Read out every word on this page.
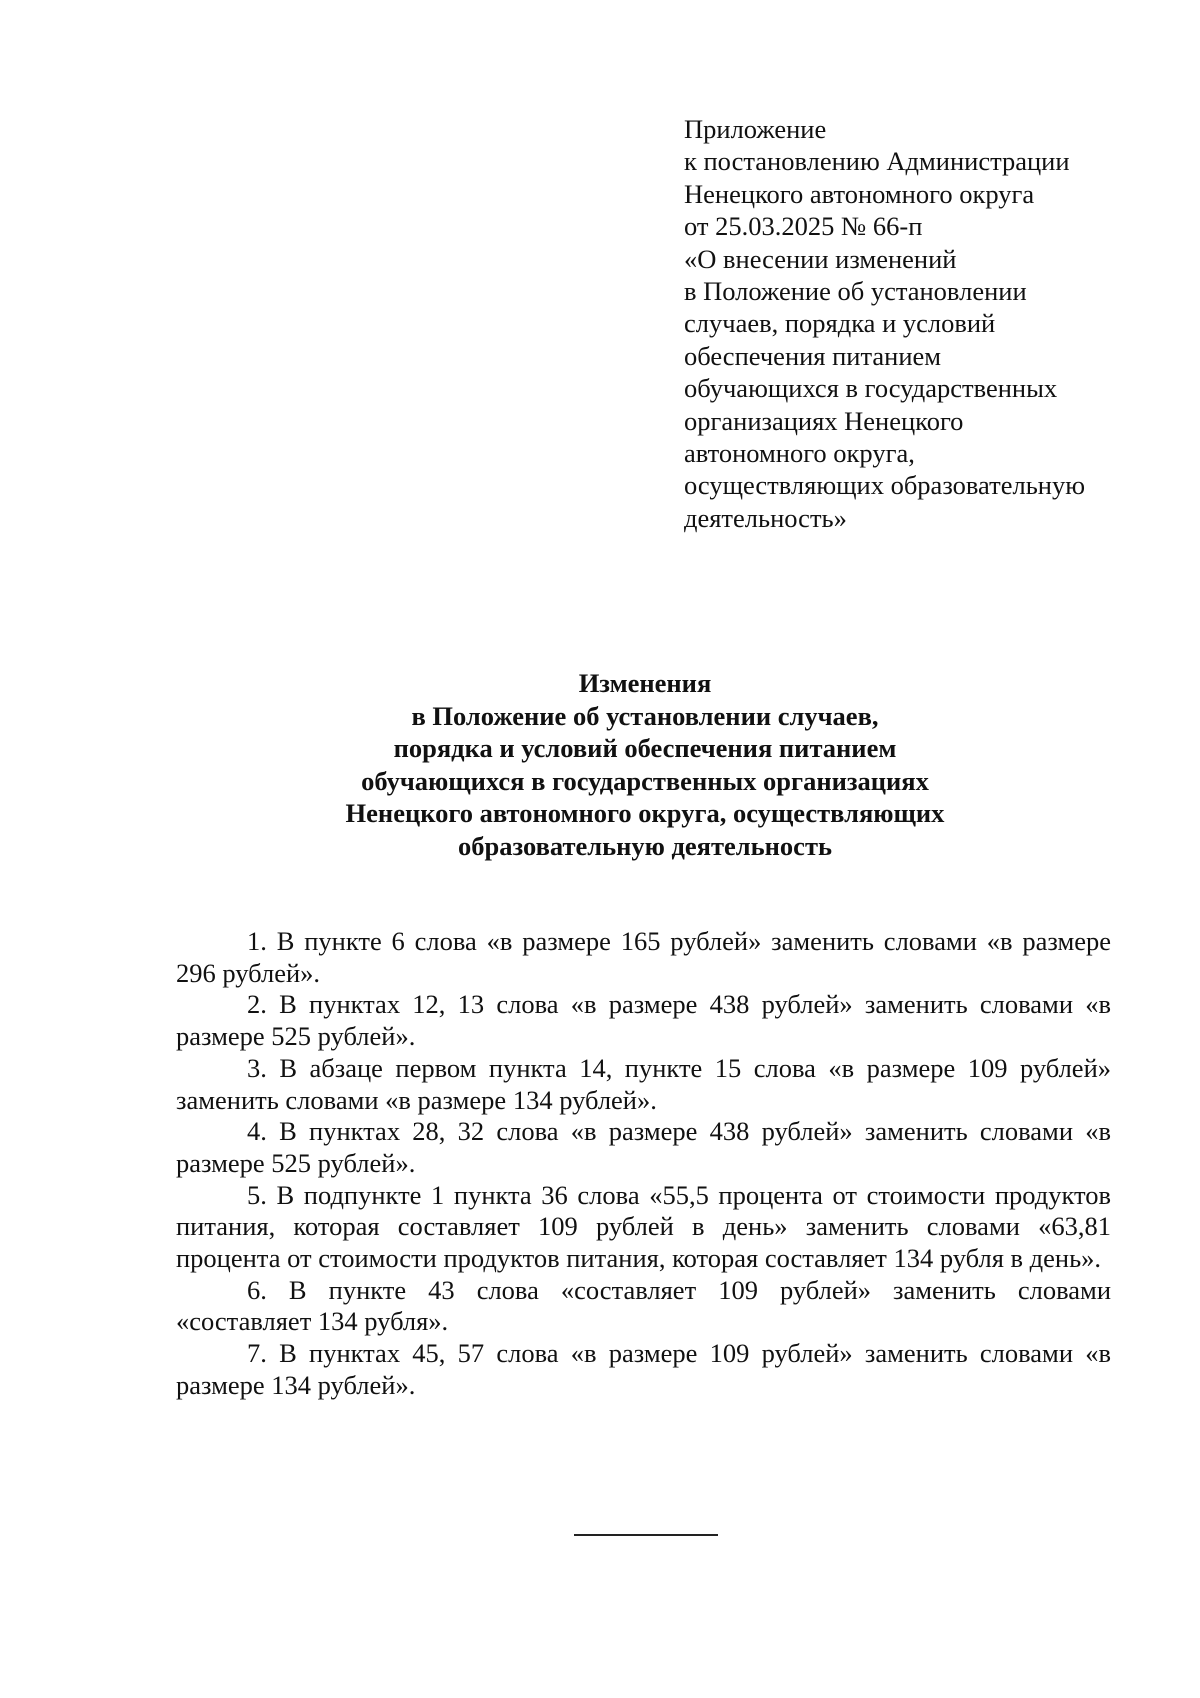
Приложение
к постановлению Администрации
Ненецкого автономного округа
от 25.03.2025 № 66-п
«О внесении изменений
в Положение об установлении
случаев, порядка и условий
обеспечения питанием
обучающихся в государственных
организациях Ненецкого
автономного округа,
осуществляющих образовательную
деятельность»
Изменения
в Положение об установлении случаев,
порядка и условий обеспечения питанием
обучающихся в государственных организациях
Ненецкого автономного округа, осуществляющих
образовательную деятельность

1. В пункте 6 слова «в размере 165 рублей» заменить словами «в размере 296 рублей».

2. В пунктах 12, 13 слова «в размере 438 рублей» заменить словами «в размере 525 рублей».

3. В абзаце первом пункта 14, пункте 15 слова «в размере 109 рублей» заменить словами «в размере 134 рублей».

4. В пунктах 28, 32 слова «в размере 438 рублей» заменить словами «в размере 525 рублей».

5. В подпункте 1 пункта 36 слова «55,5 процента от стоимости продуктов питания, которая составляет 109 рублей в день» заменить словами «63,81 процента от стоимости продуктов питания, которая составляет 134 рубля в день».

6. В пункте 43 слова «составляет 109 рублей» заменить словами «составляет 134 рубля».

7. В пунктах 45, 57 слова «в размере 109 рублей» заменить словами «в размере 134 рублей».
